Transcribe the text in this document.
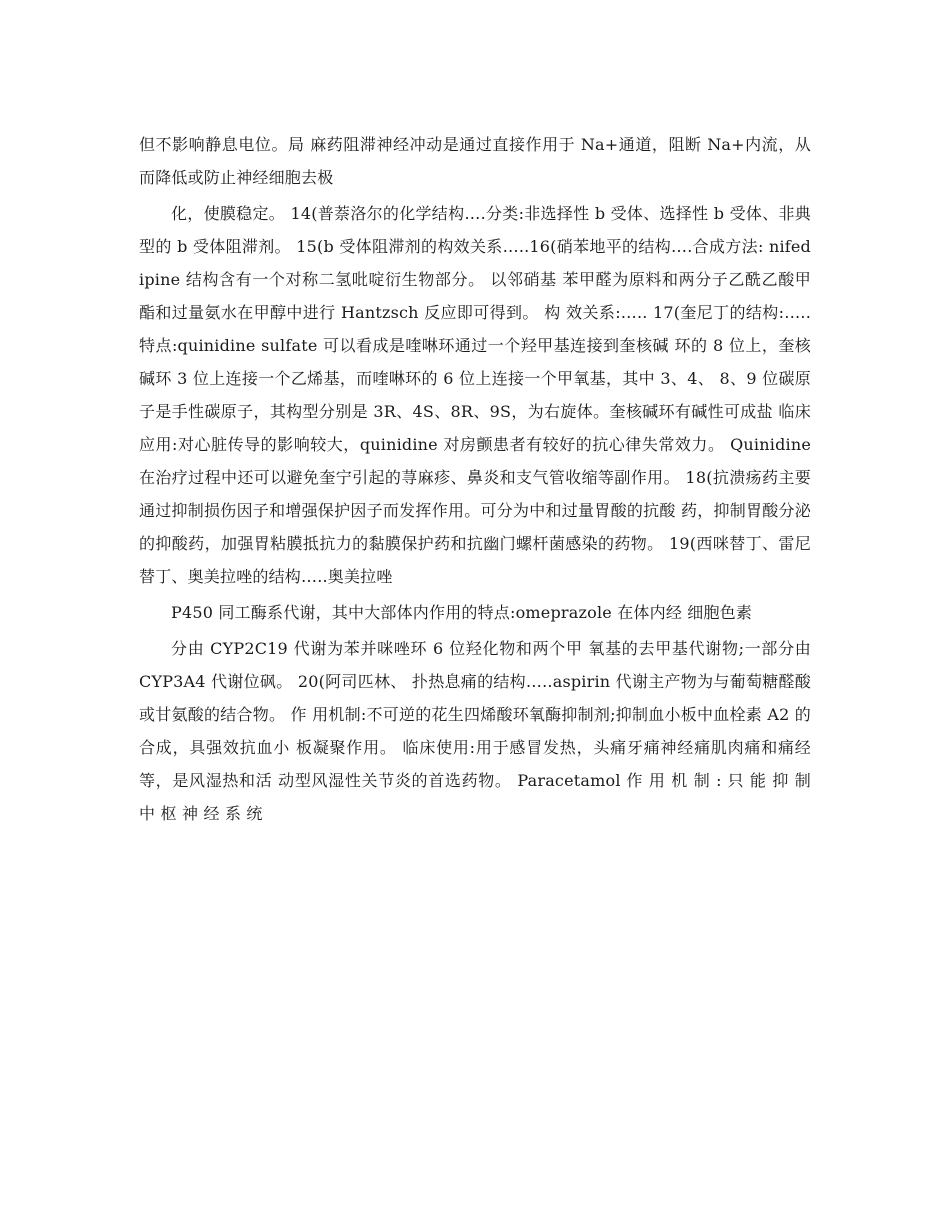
但不影响静息电位。局 麻药阻滞神经冲动是通过直接作用于 Na+通道，阻断 Na+内流，从而降低或防止神经细胞去极

化，使膜稳定。 14(普萘洛尔的化学结构….分类:非选择性 b 受体、选择性 b 受体、非典型的 b 受体阻滞剂。 15(b 受体阻滞剂的构效关系…..16(硝苯地平的结构….合成方法: nifedipine 结构含有一个对称二氢吡啶衍生物部分。 以邻硝基 苯甲醛为原料和两分子乙酰乙酸甲酯和过量氨水在甲醇中进行 Hantzsch 反应即可得到。 构 效关系:….. 17(奎尼丁的结构:…..特点:quinidine sulfate 可以看成是喹啉环通过一个羟甲基连接到奎核碱 环的 8 位上，奎核碱环 3 位上连接一个乙烯基，而喹啉环的 6 位上连接一个甲氧基，其中 3、4、 8、9 位碳原子是手性碳原子，其构型分别是 3R、4S、8R、9S，为右旋体。奎核碱环有碱性可成盐 临床应用:对心脏传导的影响较大，quinidine 对房颤患者有较好的抗心律失常效力。 Quinidine 在治疗过程中还可以避免奎宁引起的荨麻疹、鼻炎和支气管收缩等副作用。 18(抗溃疡药主要通过抑制损伤因子和增强保护因子而发挥作用。可分为中和过量胃酸的抗酸 药，抑制胃酸分泌的抑酸药，加强胃粘膜抵抗力的黏膜保护药和抗幽门螺杆菌感染的药物。 19(西咪替丁、雷尼替丁、奥美拉唑的结构…..奥美拉唑

P450 同工酶系代谢，其中大部体内作用的特点:omeprazole 在体内经 细胞色素

分由 CYP2C19 代谢为苯并咪唑环 6 位羟化物和两个甲 氧基的去甲基代谢物;一部分由 CYP3A4 代谢位砜。 20(阿司匹林、 扑热息痛的结构…..aspirin 代谢主产物为与葡萄糖醛酸或甘氨酸的结合物。 作 用机制:不可逆的花生四烯酸环氧酶抑制剂;抑制血小板中血栓素 A2 的合成，具强效抗血小 板凝聚作用。 临床使用:用于感冒发热，头痛牙痛神经痛肌肉痛和痛经等，是风湿热和活 动型风湿性关节炎的首选药物。 Paracetamol 作 用 机 制 : 只 能 抑 制 中 枢 神 经 系 统
